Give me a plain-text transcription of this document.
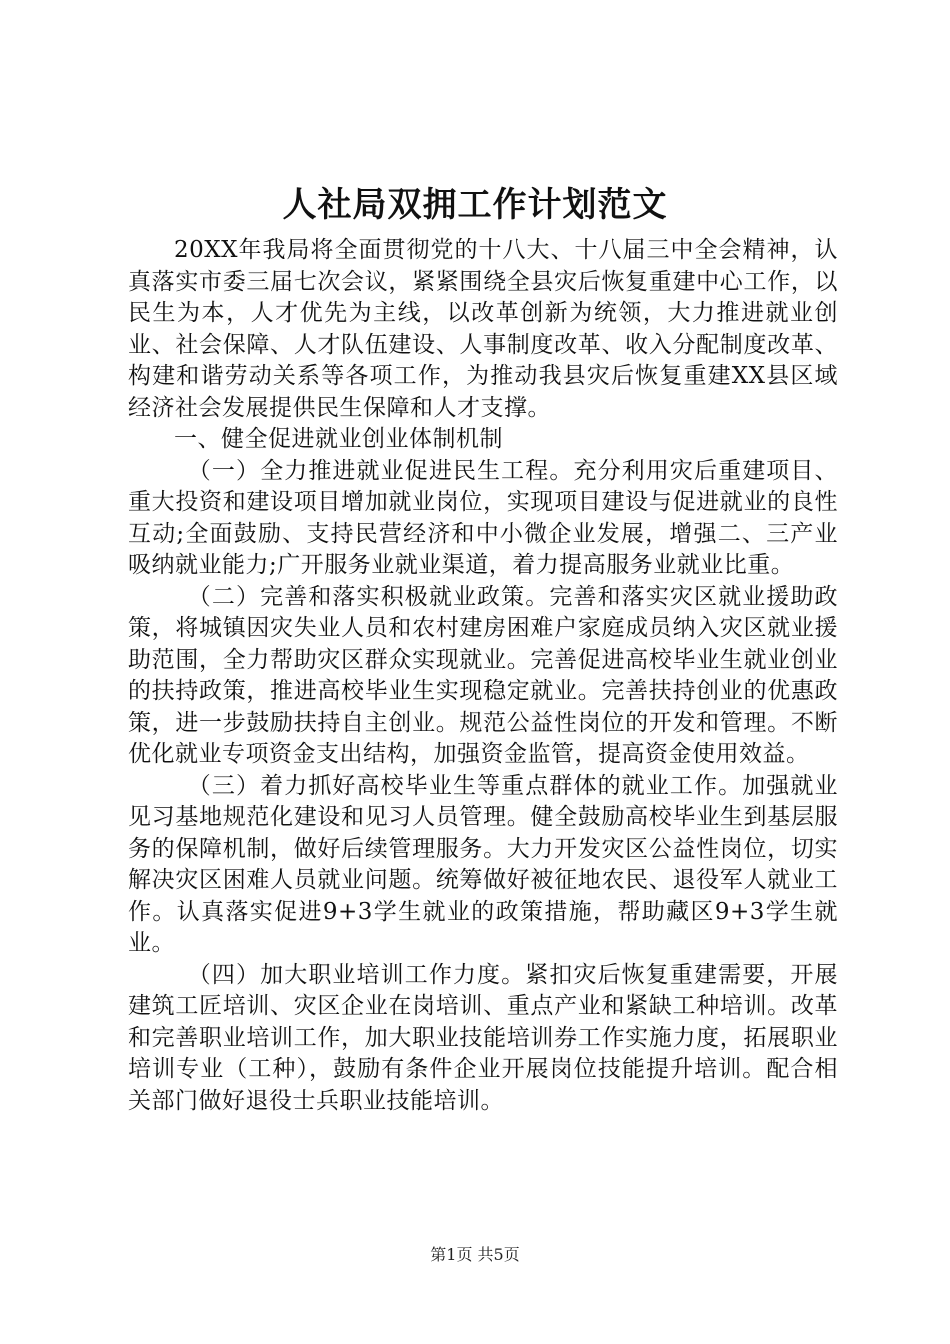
人社局双拥工作计划范文

20XX年我局将全面贯彻党的十八大、十八届三中全会精神，认真落实市委三届七次会议，紧紧围绕全县灾后恢复重建中心工作，以民生为本，人才优先为主线，以改革创新为统领，大力推进就业创业、社会保障、人才队伍建设、人事制度改革、收入分配制度改革、构建和谐劳动关系等各项工作，为推动我县灾后恢复重建XX县区域经济社会发展提供民生保障和人才支撑。

一、健全促进就业创业体制机制

（一）全力推进就业促进民生工程。充分利用灾后重建项目、重大投资和建设项目增加就业岗位，实现项目建设与促进就业的良性互动;全面鼓励、支持民营经济和中小微企业发展，增强二、三产业吸纳就业能力;广开服务业就业渠道，着力提高服务业就业比重。

（二）完善和落实积极就业政策。完善和落实灾区就业援助政策，将城镇因灾失业人员和农村建房困难户家庭成员纳入灾区就业援助范围，全力帮助灾区群众实现就业。完善促进高校毕业生就业创业的扶持政策，推进高校毕业生实现稳定就业。完善扶持创业的优惠政策，进一步鼓励扶持自主创业。规范公益性岗位的开发和管理。不断优化就业专项资金支出结构，加强资金监管，提高资金使用效益。

（三）着力抓好高校毕业生等重点群体的就业工作。加强就业见习基地规范化建设和见习人员管理。健全鼓励高校毕业生到基层服务的保障机制，做好后续管理服务。大力开发灾区公益性岗位，切实解决灾区困难人员就业问题。统筹做好被征地农民、退役军人就业工作。认真落实促进9+3学生就业的政策措施，帮助藏区9+3学生就业。

（四）加大职业培训工作力度。紧扣灾后恢复重建需要，开展建筑工匠培训、灾区企业在岗培训、重点产业和紧缺工种培训。改革和完善职业培训工作，加大职业技能培训券工作实施力度，拓展职业培训专业（工种），鼓励有条件企业开展岗位技能提升培训。配合相关部门做好退役士兵职业技能培训。

第1页 共5页
